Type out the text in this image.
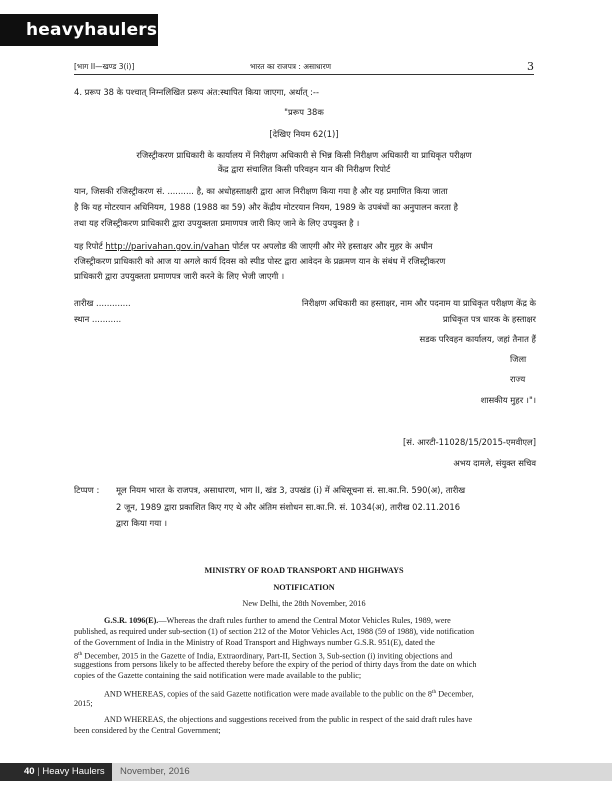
heavyhaulers.in
[भाग II—खण्ड 3(i)]	भारत का राजपत्र : असाधारण	3
4. प्ररूप 38 के पश्चात् निम्नलिखित प्ररूप अंत:स्थापित किया जाएगा, अर्थात् :--
"प्ररूप 38क
[देखिए नियम 62(1)]
रजिस्ट्रीकरण प्राधिकारी के कार्यालय में निरीक्षण अधिकारी से भिन्न किसी निरीक्षण अधिकारी या प्राधिकृत परीक्षण
केंद्र द्वारा संचालित किसी परिवहन यान की निरीक्षण रिपोर्ट
यान, जिसकी रजिस्ट्रीकरण सं. .......... है, का अधोहस्ताक्षरी द्वारा आज निरीक्षण किया गया है और यह प्रमाणित किया जाता
है कि यह मोटरयान अधिनियम, 1988 (1988 का 59) और केंद्रीय मोटरयान नियम, 1989 के उपबंधों का अनुपालन करता है
तथा यह रजिस्ट्रीकरण प्राधिकारी द्वारा उपयुक्तता प्रमाणपत्र जारी किए जाने के लिए उपयुक्त है ।
यह रिपोर्ट http://parivahan.gov.in/vahan पोर्टल पर अपलोड की जाएगी और मेरे हस्ताक्षर और मुहर के अधीन
रजिस्ट्रीकरण प्राधिकारी को आज या अगले कार्य दिवस को स्पीड पोस्ट द्वारा आवेदन के प्रक्रमण यान के संबंध में रजिस्ट्रीकरण
प्राधिकारी द्वारा उपयुक्तता प्रमाणपत्र जारी करने के लिए भेजी जाएगी ।
तारीख .............
स्थान ...........
निरीक्षण अधिकारी का हस्ताक्षर, नाम और पदनाम या प्राधिकृत परीक्षण केंद्र के
प्राधिकृत पत्र धारक के हस्ताक्षर
सडक परिवहन कार्यालय, जहां तैनात हैं
जिला
राज्य
शासकीय मुहर ।"।
[सं. आरटी-11028/15/2015-एमवीएल]
अभय दामले, संयुक्त सचिव
टिप्पण : मूल नियम भारत के राजपत्र, असाधारण, भाग II, खंड 3, उपखंड (i) में अधिसूचना सं. सा.का.नि. 590(अ), तारीख
2 जून, 1989 द्वारा प्रकाशित किए गए थे और अंतिम संशोधन सा.का.नि. सं. 1034(अ), तारीख 02.11.2016
द्वारा किया गया ।
MINISTRY OF ROAD TRANSPORT AND HIGHWAYS
NOTIFICATION
New Delhi, the 28th November, 2016
G.S.R. 1096(E).—Whereas the draft rules further to amend the Central Motor Vehicles Rules, 1989, were
published, as required under sub-section (1) of section 212 of the Motor Vehicles Act, 1988 (59 of 1988), vide notification
of the Government of India in the Ministry of Road Transport and Highways number G.S.R. 951(E), dated the
8th December, 2015 in the Gazette of India, Extraordinary, Part-II, Section 3, Sub-section (i) inviting objections and
suggestions from persons likely to be affected thereby before the expiry of the period of thirty days from the date on which
copies of the Gazette containing the said notification were made available to the public;
AND WHEREAS, copies of the said Gazette notification were made available to the public on the 8th December,
2015;
AND WHEREAS, the objections and suggestions received from the public in respect of the said draft rules have
been considered by the Central Government;
40 | Heavy Haulers	November, 2016
